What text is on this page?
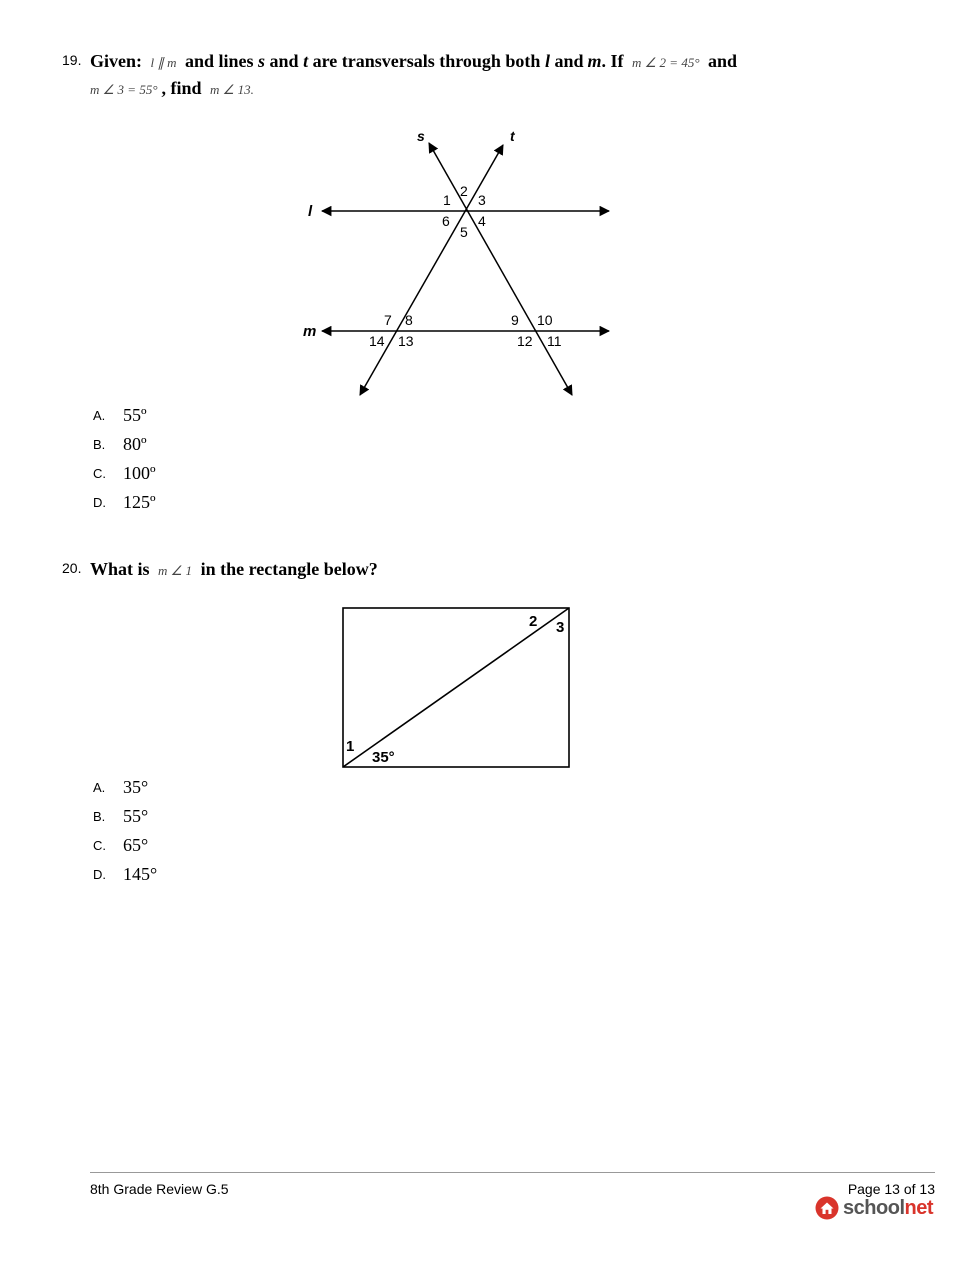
19. Given: l ∥ m and lines s and t are transversals through both l and m. If m ∠ 2 = 45° and
m ∠ 3 = 55° , find m ∠ 13.
s	t
l
m
1
2
3
4
5
6
7 8	9 10
11
12
13
14
A. 55º
B. 80º
C. 100º
D. 125º
20. What is m ∠ 1 in the rectangle below?
1
35°
2 3
A. 35°
B. 55°
C. 65°
D. 145°
8th Grade Review G.5	Page 13 of 13
schoolnet
